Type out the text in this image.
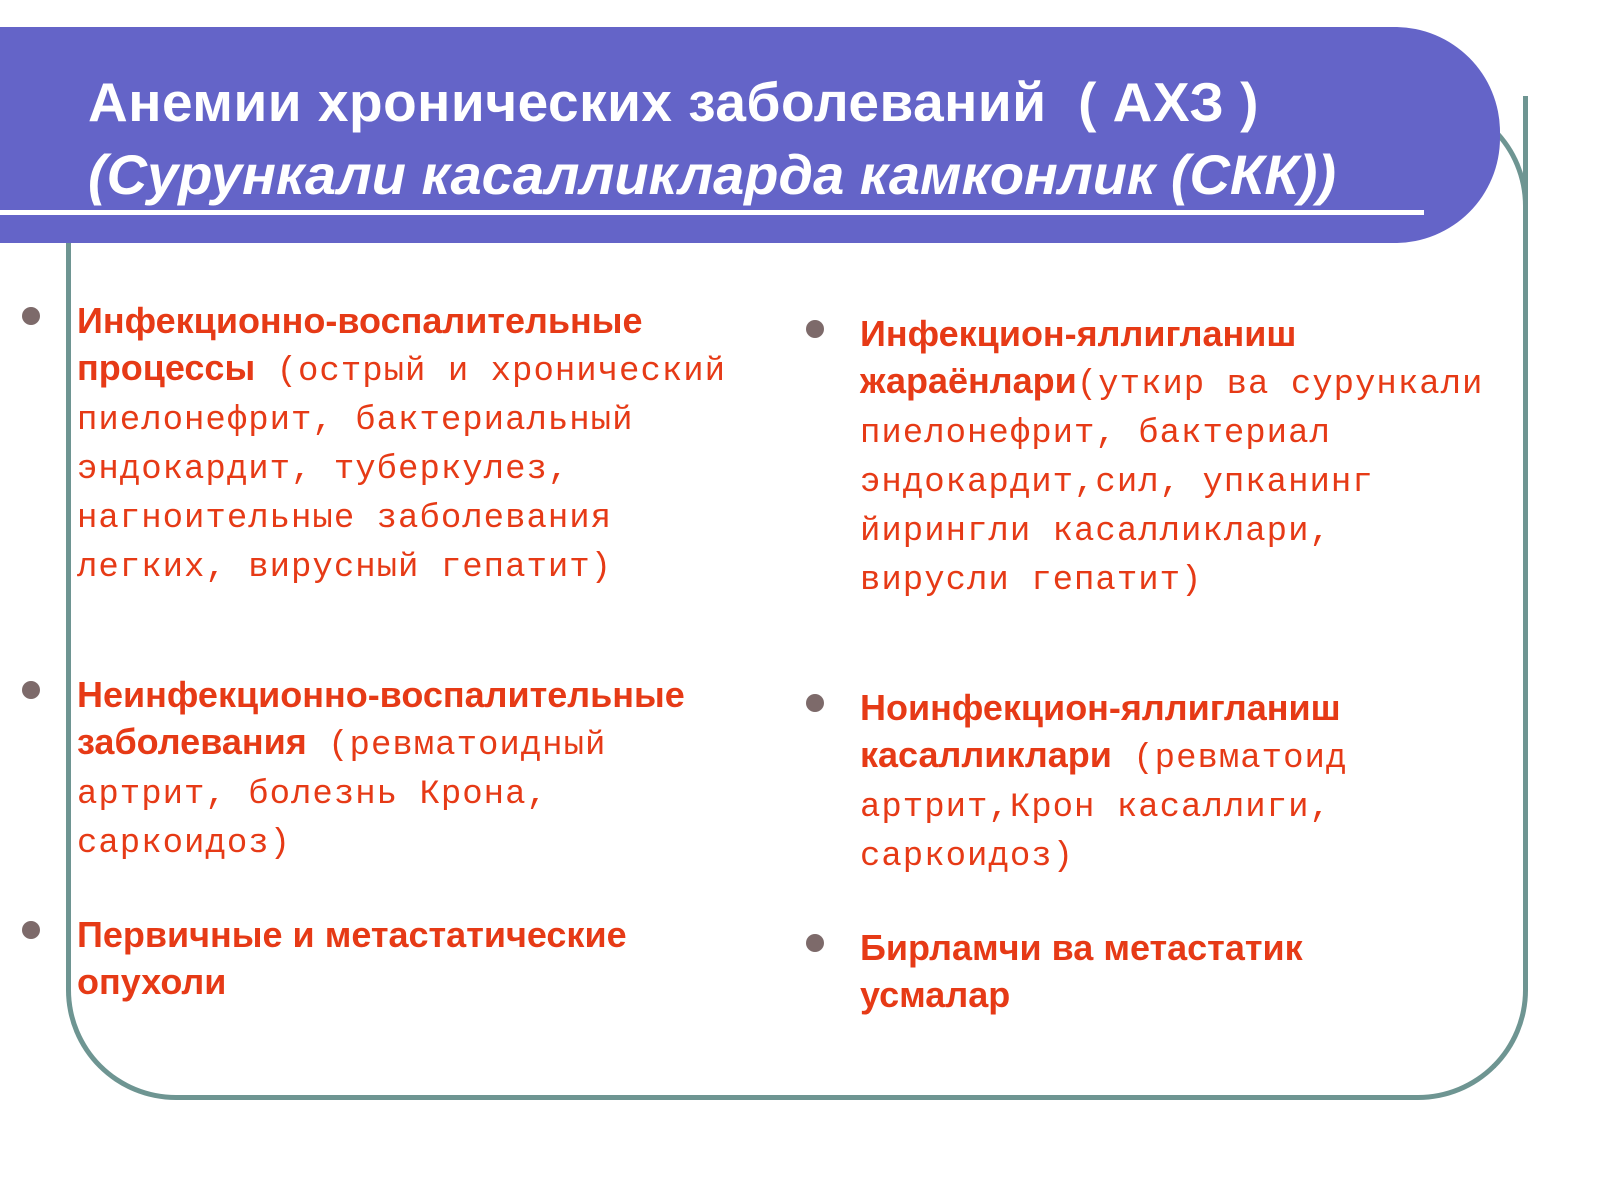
Анемии хронических заболеваний  ( АХЗ )
(Сурункали касалликларда камконлик (СКК))
Инфекционно-воспалительные процессы (острый и хронический пиелонефрит, бактериальный эндокардит, туберкулез, нагноительные заболевания легких, вирусный гепатит)
Неинфекционно-воспалительные заболевания (ревматоидный артрит, болезнь Крона, саркоидоз)
Первичные и метастатические опухоли
Инфекцион-яллигланиш жараёнлари(уткир ва сурункали пиелонефрит, бактериал эндокардит,сил, упканинг йирингли касалликлари, вирусли гепатит)
Ноинфекцион-яллигланиш касалликлари (ревматоид артрит,Крон касаллиги, саркоидоз)
Бирламчи ва метастатик усмалар
